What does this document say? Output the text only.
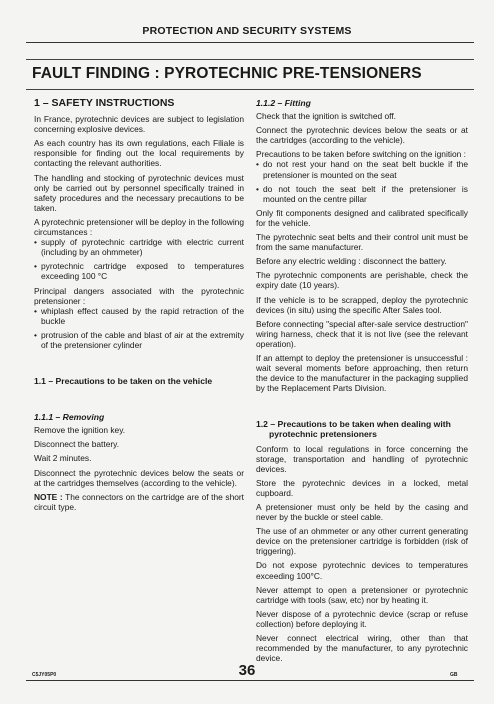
PROTECTION AND SECURITY SYSTEMS
FAULT FINDING : PYROTECHNIC PRE-TENSIONERS
1 – SAFETY INSTRUCTIONS

In France, pyrotechnic devices are subject to legislation concerning explosive devices.

As each country has its own regulations, each Filiale is responsible for finding out the local requirements by contacting the relevant authorities.

The handling and stocking of pyrotechnic devices must only be carried out by personnel specifically trained in safety procedures and the necessary precautions to be taken.

A pyrotechnic pretensioner will be deploy in the following circumstances :

• supply of pyrotechnic cartridge with electric current (including by an ohmmeter)

• pyrotechnic cartridge exposed to temperatures exceeding 100 °C

Principal dangers associated with the pyrotechnic pretensioner :

• whiplash effect caused by the rapid retraction of the buckle

• protrusion of the cable and blast of air at the extremity of the pretensioner cylinder

1.1 – Precautions to be taken on the vehicle
1.1.1 – Removing

Remove the ignition key.

Disconnect the battery.

Wait 2 minutes.

Disconnect the pyrotechnic devices below the seats or at the cartridges themselves (according to the vehicle).

NOTE : The connectors on the cartridge are of the short circuit type.

1.1.2 – Fitting

Check that the ignition is switched off.

Connect the pyrotechnic devices below the seats or at the cartridges (according to the vehicle).

Precautions to be taken before switching on the ignition :

• do not rest your hand on the seat belt buckle if the pretensioner is mounted on the seat

• do not touch the seat belt if the pretensioner is mounted on the centre pillar

Only fit components designed and calibrated specifically for the vehicle.

The pyrotechnic seat belts and their control unit must be from the same manufacturer.

Before any electric welding : disconnect the battery.

The pyrotechnic components are perishable, check the expiry date (10 years).

If the vehicle is to be scrapped, deploy the pyrotechnic devices (in situ) using the specific After Sales tool.

Before connecting "special after-sale service destruction" wiring harness, check that it is not live (see the relevant operation).

If an attempt to deploy the pretensioner is unsuccessful : wait several moments before approaching, then return the device to the manufacturer in the packaging supplied by the Replacement Parts Division.

1.2 – Precautions to be taken when dealing with pyrotechnic pretensioners

Conform to local regulations in force concerning the storage, transportation and handling of pyrotechnic devices.

Store the pyrotechnic devices in a locked, metal cupboard.

A pretensioner must only be held by the casing and never by the buckle or steel cable.

The use of an ohmmeter or any other current generating device on the pretensioner cartridge is forbidden (risk of triggering).

Do not expose pyrotechnic devices to temperatures exceeding 100°C.

Never attempt to open a pretensioner or pyrotechnic cartridge with tools (saw, etc) nor by heating it.

Never dispose of a pyrotechnic device (scrap or refuse collection) before deploying it.

Never connect electrical wiring, other than that recommended by the manufacturer, to any pyrotechnic device.

C5JY05P0	36	GB
